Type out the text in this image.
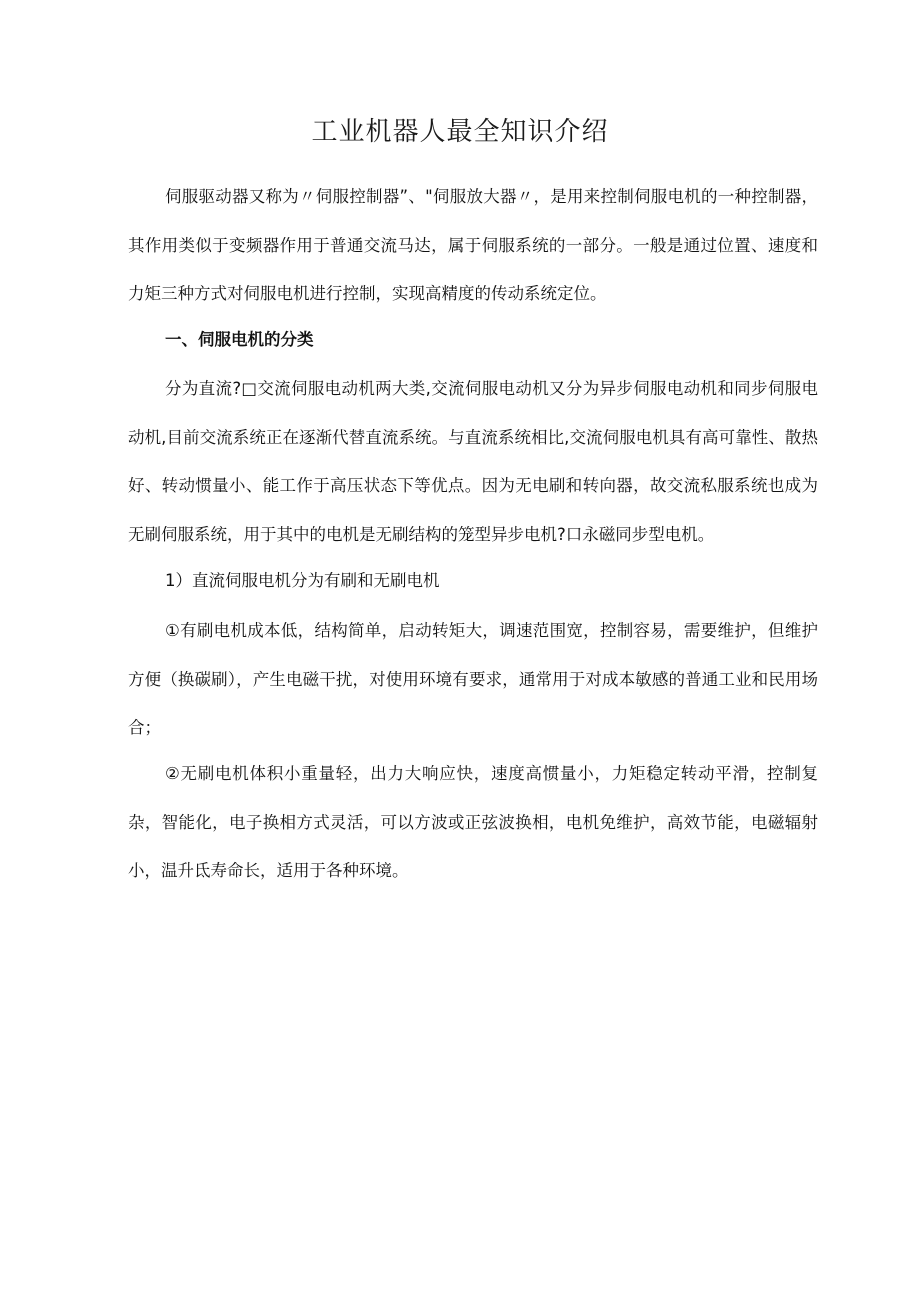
工业机器人最全知识介绍

伺服驱动器又称为〃伺服控制器”、"伺服放大器〃，是用来控制伺服电机的一种控制器，其作用类似于变频器作用于普通交流马达，属于伺服系统的一部分。一般是通过位置、速度和力矩三种方式对伺服电机进行控制，实现高精度的传动系统定位。

一、伺服电机的分类

分为直流?□交流伺服电动机两大类,交流伺服电动机又分为异步伺服电动机和同步伺服电动机,目前交流系统正在逐渐代替直流系统。与直流系统相比,交流伺服电机具有高可靠性、散热好、转动惯量小、能工作于高压状态下等优点。因为无电刷和转向器，故交流私服系统也成为无刷伺服系统，用于其中的电机是无刷结构的笼型异步电机?口永磁同步型电机。

1）直流伺服电机分为有刷和无刷电机

①有刷电机成本低，结构简单，启动转矩大，调速范围宽，控制容易，需要维护，但维护方便（换碳刷），产生电磁干扰，对使用环境有要求，通常用于对成本敏感的普通工业和民用场合；

②无刷电机体积小重量轻，出力大响应快，速度高惯量小，力矩稳定转动平滑，控制复杂，智能化，电子换相方式灵活，可以方波或正弦波换相，电机免维护，高效节能，电磁辐射小，温升氐寿命长，适用于各种环境。
